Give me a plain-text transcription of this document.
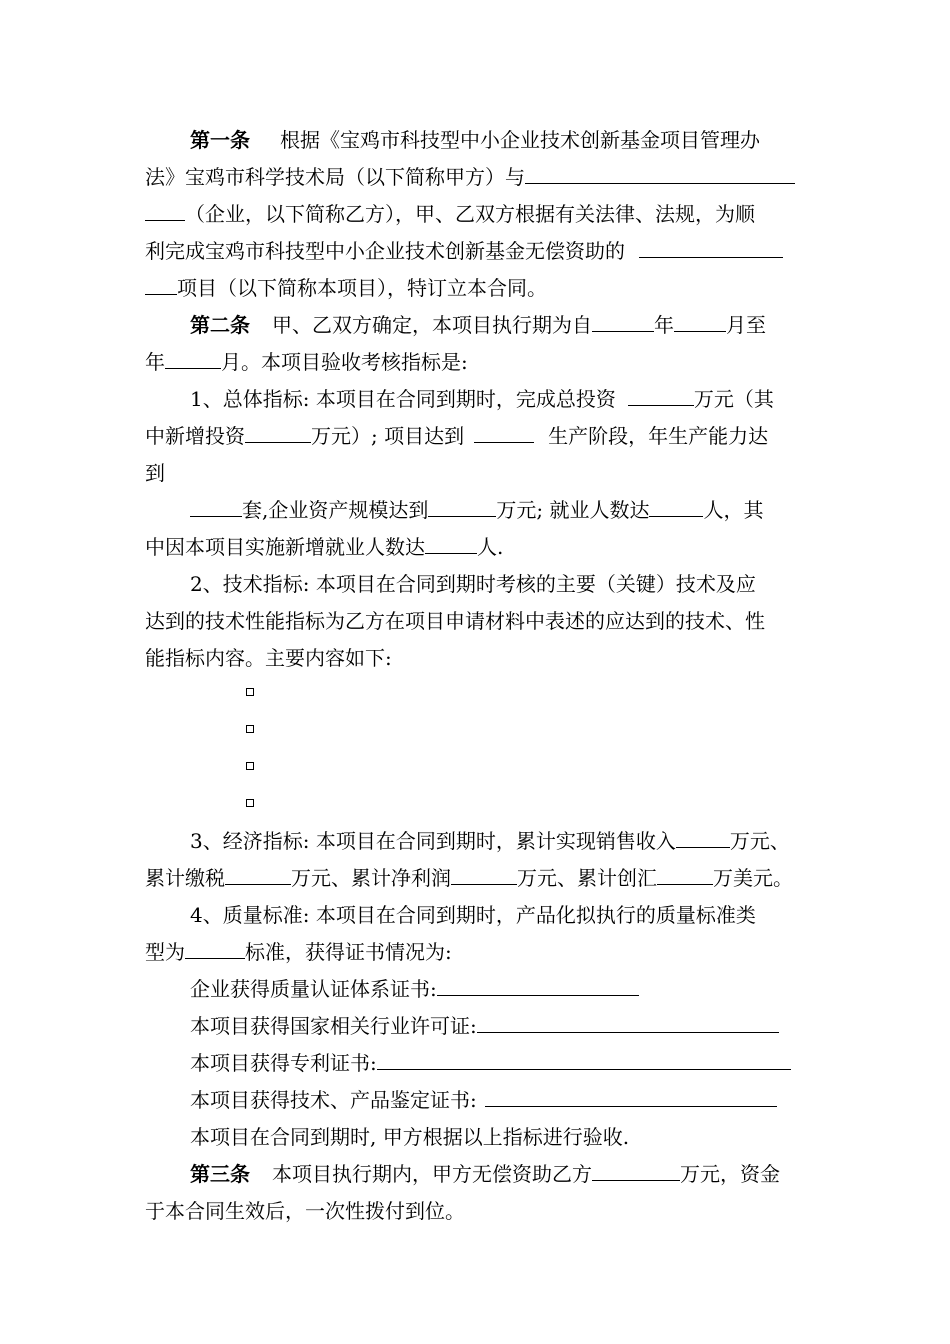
第一条 根据《宝鸡市科技型中小企业技术创新基金项目管理办
法》宝鸡市科学技术局（以下简称甲方）与
（企业，以下简称乙方），甲、乙双方根据有关法律、法规，为顺
利完成宝鸡市科技型中小企业技术创新基金无偿资助的
项目（以下简称本项目），特订立本合同。
第二条 甲、乙双方确定，本项目执行期为自	年	月至
年	月。本项目验收考核指标是:
1、总体指标: 本项目在合同到期时，完成总投资	万元（其
中新增投资	万元）; 项目达到	生产阶段，年生产能力达
到
套,企业资产规模达到	万元; 就业人数达	人，其
中因本项目实施新增就业人数达	人.
2、技术指标: 本项目在合同到期时考核的主要（关键）技术及应
达到的技术性能指标为乙方在项目申请材料中表述的应达到的技术、性
能指标内容。主要内容如下:
3、经济指标: 本项目在合同到期时，累计实现销售收入	万元、
累计缴税	万元、累计净利润	万元、累计创汇	万美元。
4、质量标准: 本项目在合同到期时，产品化拟执行的质量标准类
型为	标准，获得证书情况为:
企业获得质量认证体系证书:
本项目获得国家相关行业许可证:
本项目获得专利证书:
本项目获得技术、产品鉴定证书:
本项目在合同到期时, 甲方根据以上指标进行验收.
第三条 本项目执行期内，甲方无偿资助乙方	万元，资金
于本合同生效后，一次性拨付到位。
